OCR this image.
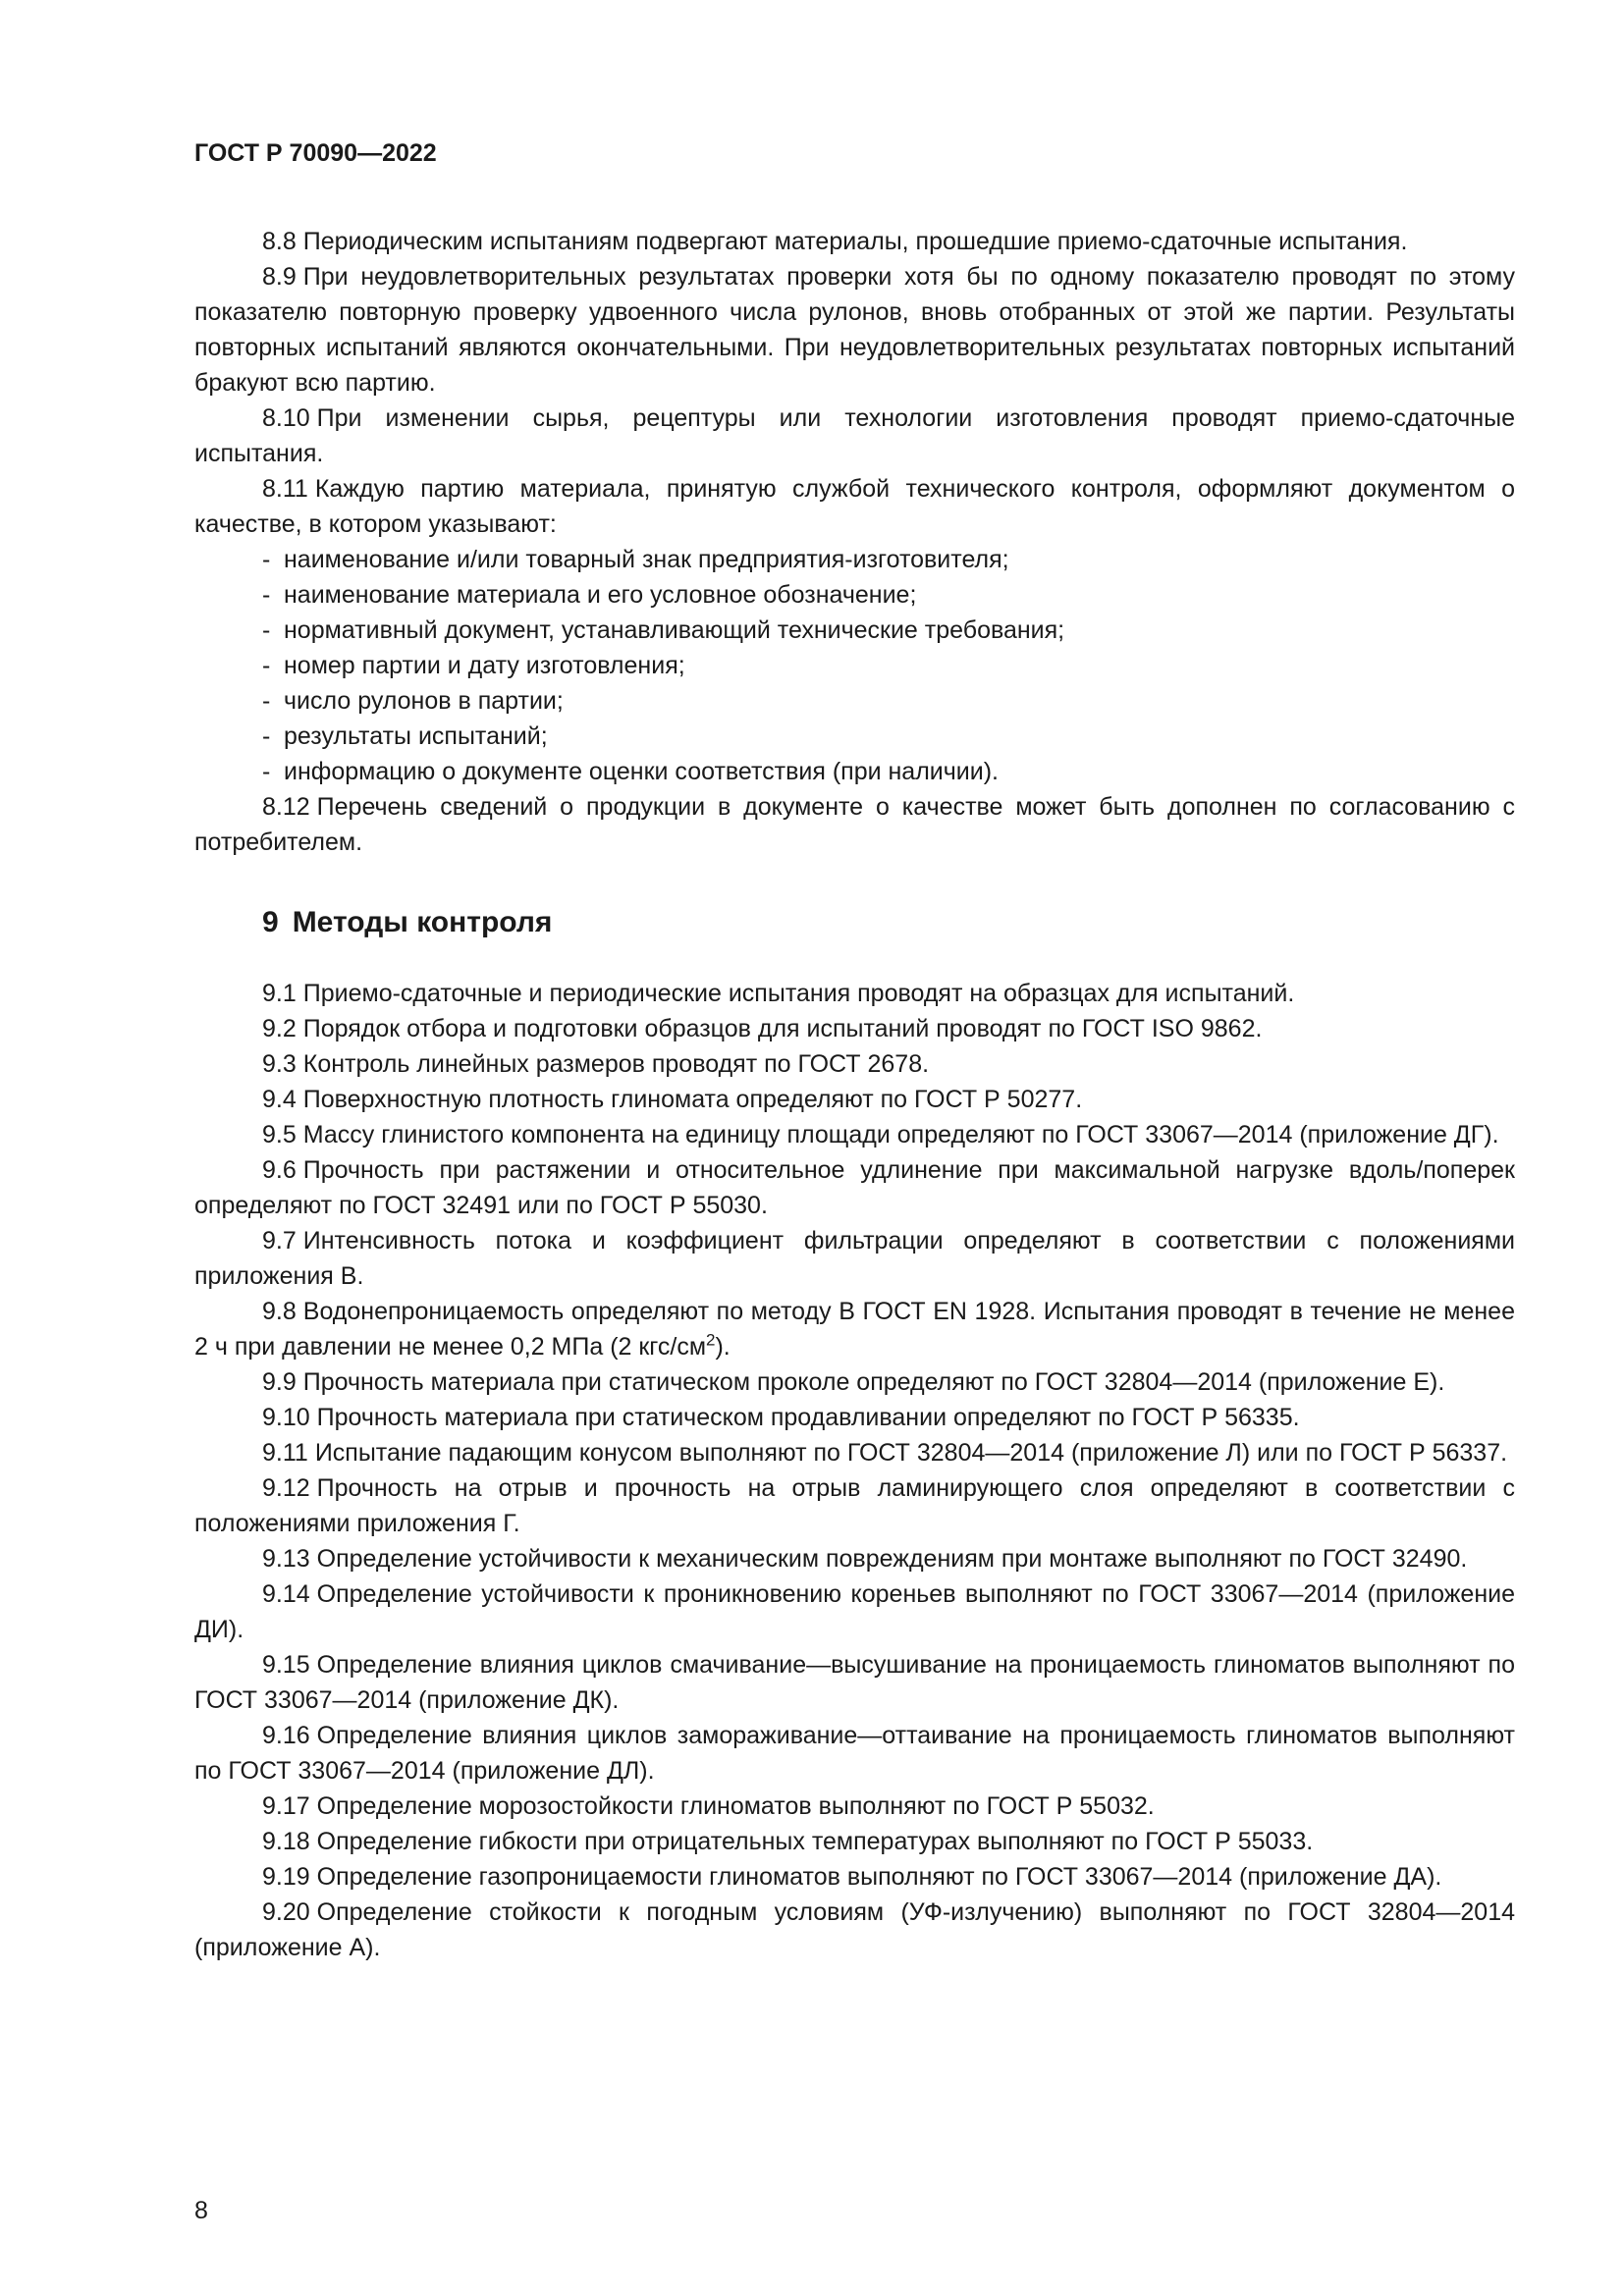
ГОСТ Р 70090—2022

8.8 Периодическим испытаниям подвергают материалы, прошедшие приемо-сдаточные испытания.

8.9 При неудовлетворительных результатах проверки хотя бы по одному показателю проводят по этому показателю повторную проверку удвоенного числа рулонов, вновь отобранных от этой же партии. Результаты повторных испытаний являются окончательными. При неудовлетворительных результатах повторных испытаний бракуют всю партию.

8.10 При изменении сырья, рецептуры или технологии изготовления проводят приемо-сдаточные испытания.

8.11 Каждую партию материала, принятую службой технического контроля, оформляют документом о качестве, в котором указывают:

- наименование и/или товарный знак предприятия-изготовителя;
- наименование материала и его условное обозначение;
- нормативный документ, устанавливающий технические требования;
- номер партии и дату изготовления;
- число рулонов в партии;
- результаты испытаний;
- информацию о документе оценки соответствия (при наличии).

8.12 Перечень сведений о продукции в документе о качестве может быть дополнен по согласованию с потребителем.

9 Методы контроля

9.1 Приемо-сдаточные и периодические испытания проводят на образцах для испытаний.

9.2 Порядок отбора и подготовки образцов для испытаний проводят по ГОСТ ISO 9862.

9.3 Контроль линейных размеров проводят по ГОСТ 2678.

9.4 Поверхностную плотность глиномата определяют по ГОСТ Р 50277.

9.5 Массу глинистого компонента на единицу площади определяют по ГОСТ 33067—2014 (приложение ДГ).

9.6 Прочность при растяжении и относительное удлинение при максимальной нагрузке вдоль/поперек определяют по ГОСТ 32491 или по ГОСТ Р 55030.

9.7 Интенсивность потока и коэффициент фильтрации определяют в соответствии с положениями приложения В.

9.8 Водонепроницаемость определяют по методу В ГОСТ EN 1928. Испытания проводят в течение не менее 2 ч при давлении не менее 0,2 МПа (2 кгс/$см^2$).

9.9 Прочность материала при статическом проколе определяют по ГОСТ 32804—2014 (приложение Е).

9.10 Прочность материала при статическом продавливании определяют по ГОСТ Р 56335.

9.11 Испытание падающим конусом выполняют по ГОСТ 32804—2014 (приложение Л) или по ГОСТ Р 56337.

9.12 Прочность на отрыв и прочность на отрыв ламинирующего слоя определяют в соответствии с положениями приложения Г.

9.13 Определение устойчивости к механическим повреждениям при монтаже выполняют по ГОСТ 32490.

9.14 Определение устойчивости к проникновению кореньев выполняют по ГОСТ 33067—2014 (приложение ДИ).

9.15 Определение влияния циклов смачивание—высушивание на проницаемость глиноматов выполняют по ГОСТ 33067—2014 (приложение ДК).

9.16 Определение влияния циклов замораживание—оттаивание на проницаемость глиноматов выполняют по ГОСТ 33067—2014 (приложение ДЛ).

9.17 Определение морозостойкости глиноматов выполняют по ГОСТ Р 55032.

9.18 Определение гибкости при отрицательных температурах выполняют по ГОСТ Р 55033.

9.19 Определение газопроницаемости глиноматов выполняют по ГОСТ 33067—2014 (приложение ДА).

9.20 Определение стойкости к погодным условиям (УФ-излучению) выполняют по ГОСТ 32804—2014 (приложение А).

8
